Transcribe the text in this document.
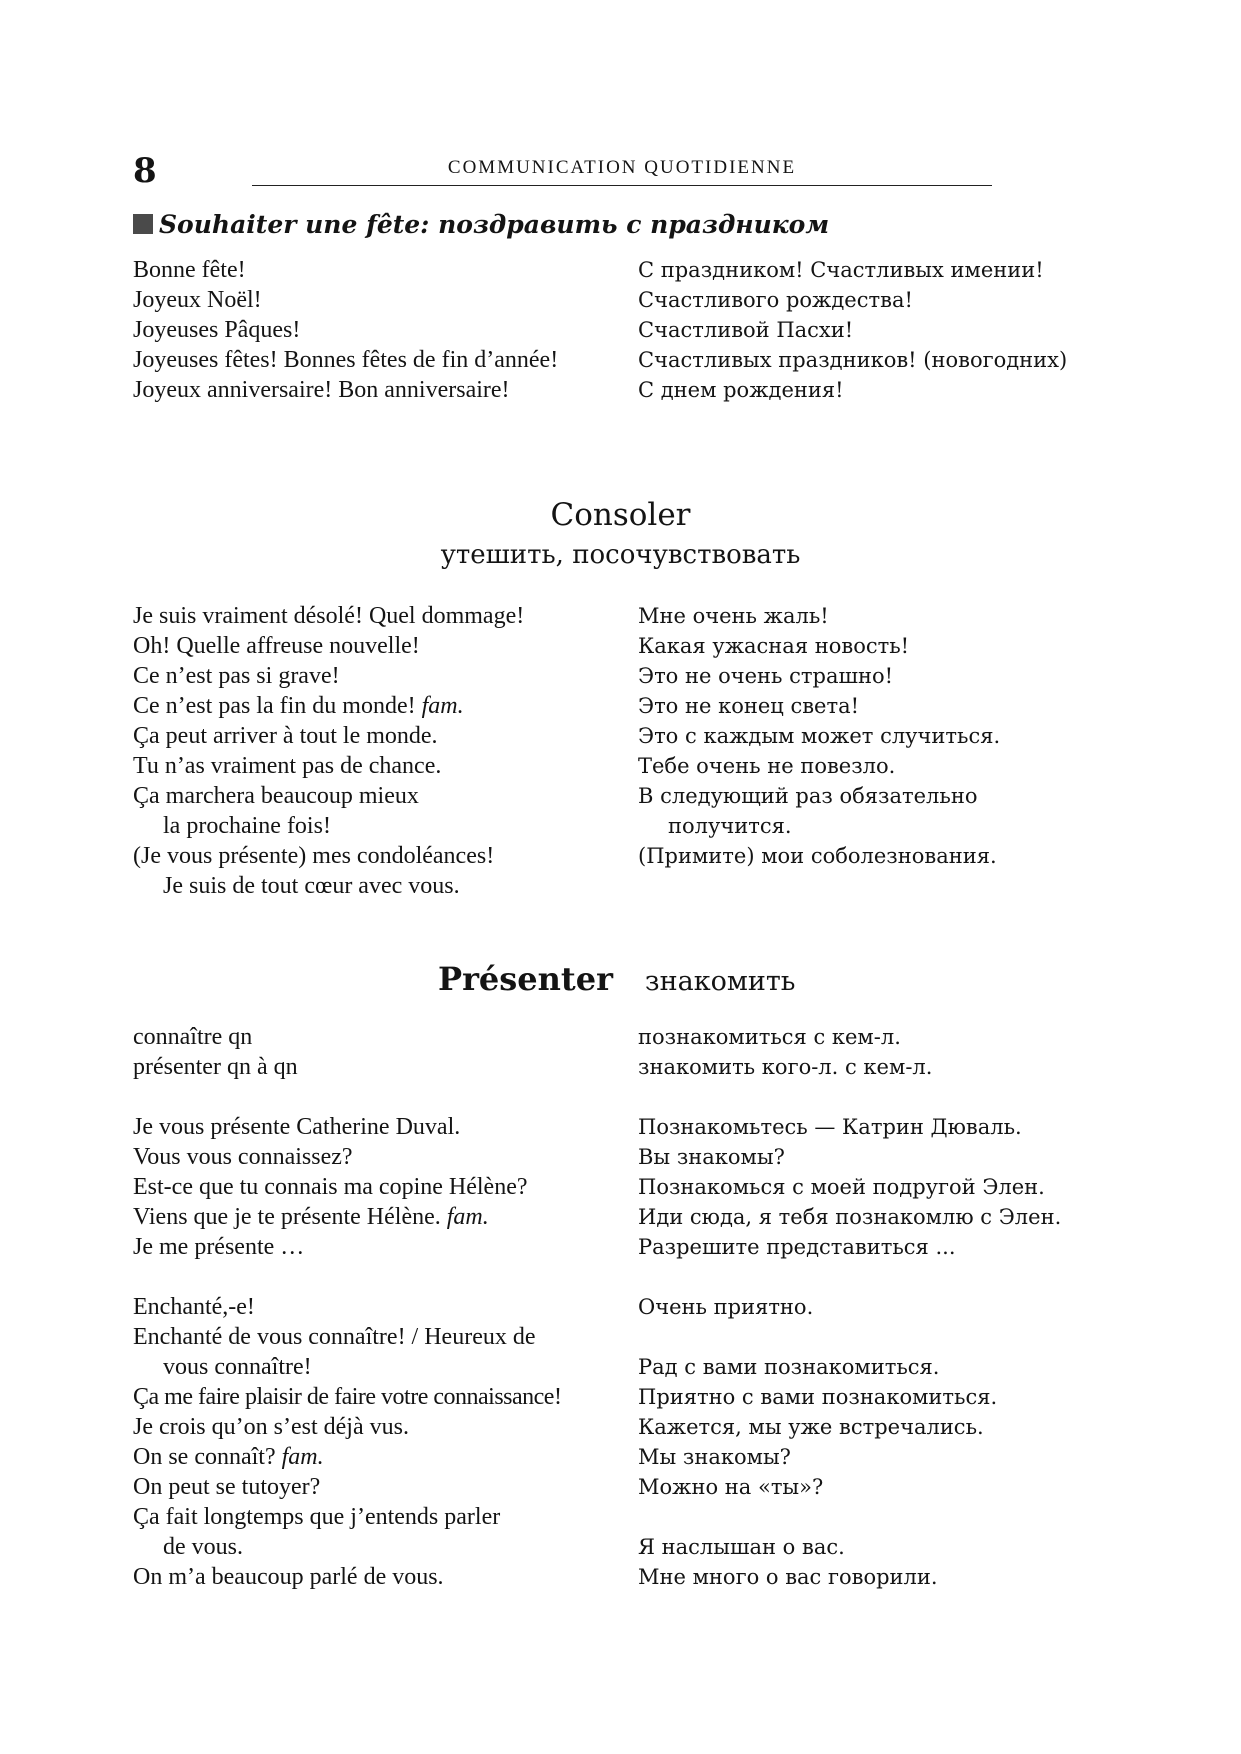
8	COMMUNICATION QUOTIDIENNE
Souhaiter une fête: поздравить с праздником
Bonne fête!	С праздником! Счастливых имении!
Joyeux Noël!	Счастливого рождества!
Joyeuses Pâques!	Счастливой Пасхи!
Joyeuses fêtes! Bonnes fêtes de fin d’année!	Счастливых праздников! (новогодних)
Joyeux anniversaire! Bon anniversaire!	С днем рождения!
Consoler
утешить, посочувствовать
Je suis vraiment désolé! Quel dommage!	Мне очень жаль!
Oh! Quelle affreuse nouvelle!	Какая ужасная новость!
Ce n’est pas si grave!	Это не очень страшно!
Ce n’est pas la fin du monde! fam.	Это не конец света!
Ça peut arriver à tout le monde.	Это с каждым может случиться.
Tu n’as vraiment pas de chance.	Тебе очень не повезло.
Ça marchera beaucoup mieux	В следующий раз обязательно
la prochaine fois!	получится.
(Je vous présente) mes condoléances!	(Примите) мои соболезнования.
Je suis de tout cœur avec vous.
Présenter знакомить
connaître qn	познакомиться с кем-л.
présenter qn à qn	знакомить кого-л. с кем-л.
Je vous présente Catherine Duval.	Познакомьтесь — Катрин Дюваль.
Vous vous connaissez?	Вы знакомы?
Est-ce que tu connais ma copine Hélène?	Познакомься с моей подругой Элен.
Viens que je te présente Hélène. fam.	Иди сюда, я тебя познакомлю с Элен.
Je me présente …	Разрешите представиться ...
Enchanté,-e!	Очень приятно.
Enchanté de vous connaître! / Heureux de
vous connaître!	Рад с вами познакомиться.
Ça me faire plaisir de faire votre connaissance!	Приятно с вами познакомиться.
Je crois qu’on s’est déjà vus.	Кажется, мы уже встречались.
On se connaît? fam.	Мы знакомы?
On peut se tutoyer?	Можно на «ты»?
Ça fait longtemps que j’entends parler
de vous.	Я наслышан о вас.
On m’a beaucoup parlé de vous.	Мне много о вас говорили.
